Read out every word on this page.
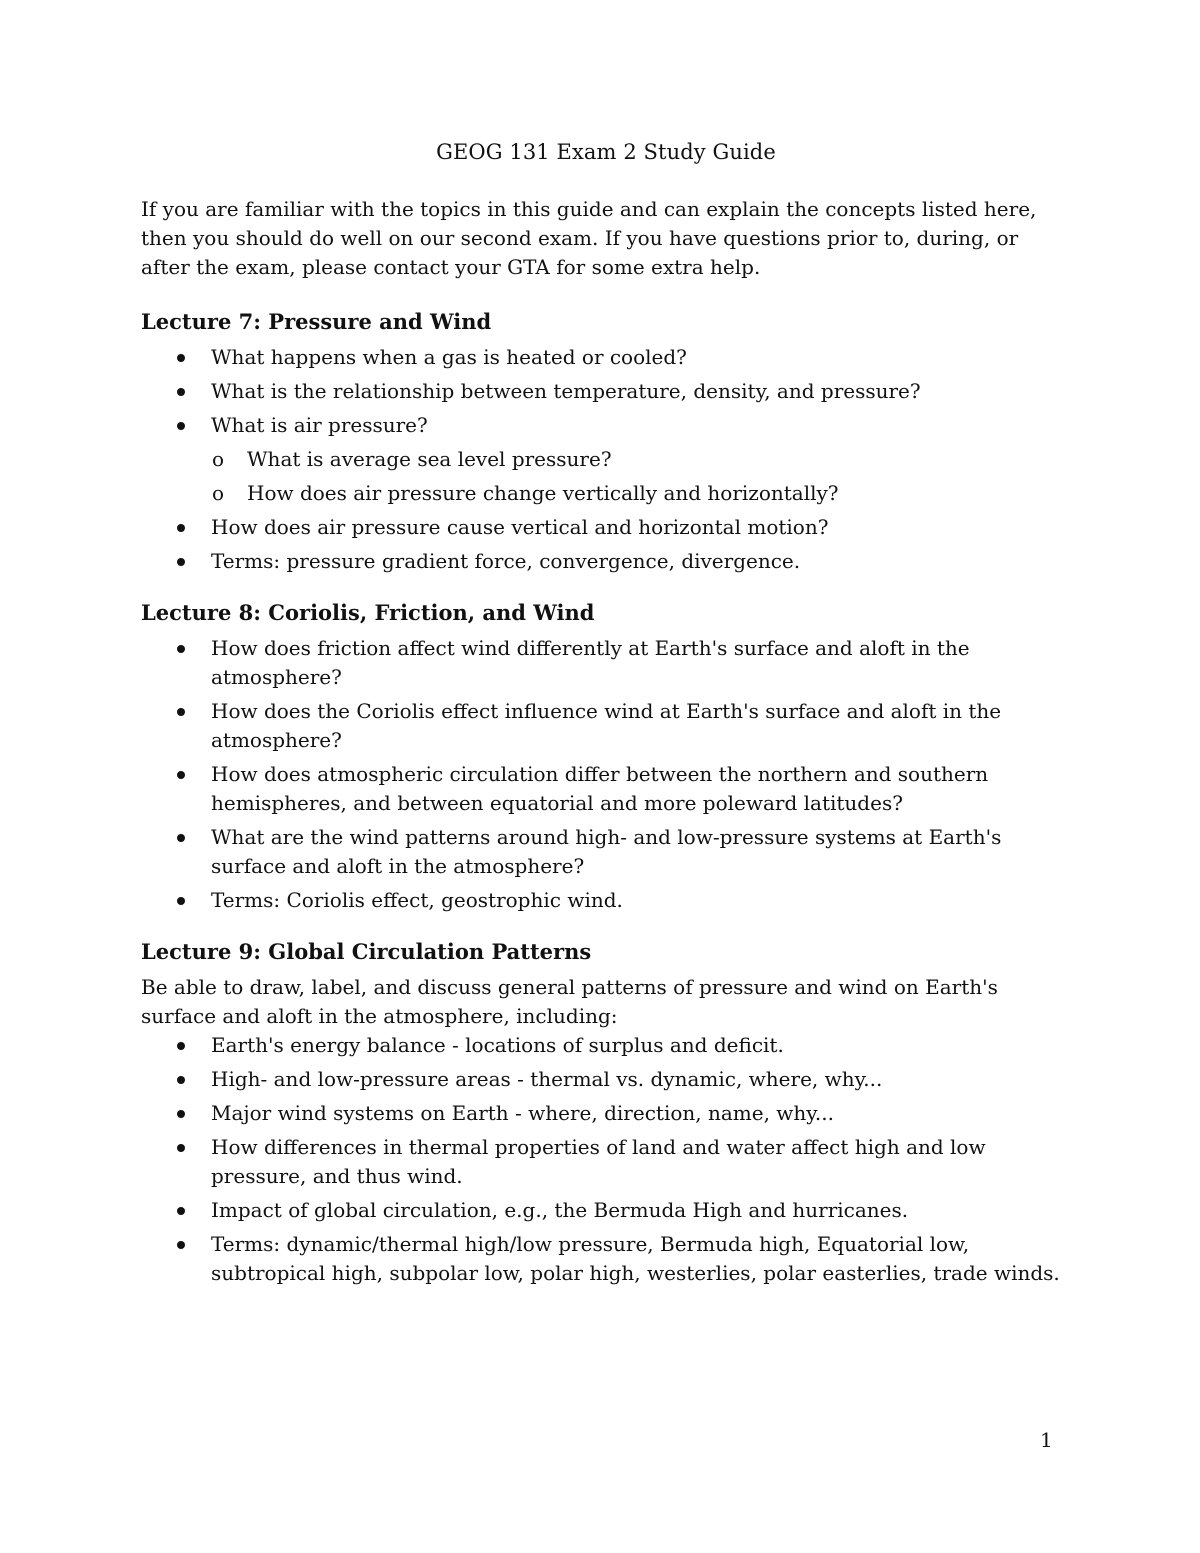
GEOG 131 Exam 2 Study Guide

If you are familiar with the topics in this guide and can explain the concepts listed here, then you should do well on our second exam. If you have questions prior to, during, or after the exam, please contact your GTA for some extra help.

Lecture 7: Pressure and Wind
What happens when a gas is heated or cooled?
What is the relationship between temperature, density, and pressure?
What is air pressure?
o What is average sea level pressure?
o How does air pressure change vertically and horizontally?
How does air pressure cause vertical and horizontal motion?
Terms: pressure gradient force, convergence, divergence.
Lecture 8: Coriolis, Friction, and Wind
How does friction affect wind differently at Earth's surface and aloft in the atmosphere?
How does the Coriolis effect influence wind at Earth's surface and aloft in the atmosphere?
How does atmospheric circulation differ between the northern and southern hemispheres, and between equatorial and more poleward latitudes?
What are the wind patterns around high- and low-pressure systems at Earth's surface and aloft in the atmosphere?
Terms: Coriolis effect, geostrophic wind.
Lecture 9: Global Circulation Patterns

Be able to draw, label, and discuss general patterns of pressure and wind on Earth's surface and aloft in the atmosphere, including:

Earth's energy balance - locations of surplus and deficit.
High- and low-pressure areas - thermal vs. dynamic, where, why...
Major wind systems on Earth - where, direction, name, why...
How differences in thermal properties of land and water affect high and low pressure, and thus wind.
Impact of global circulation, e.g., the Bermuda High and hurricanes.
Terms: dynamic/thermal high/low pressure, Bermuda high, Equatorial low, subtropical high, subpolar low, polar high, westerlies, polar easterlies, trade winds.
1
